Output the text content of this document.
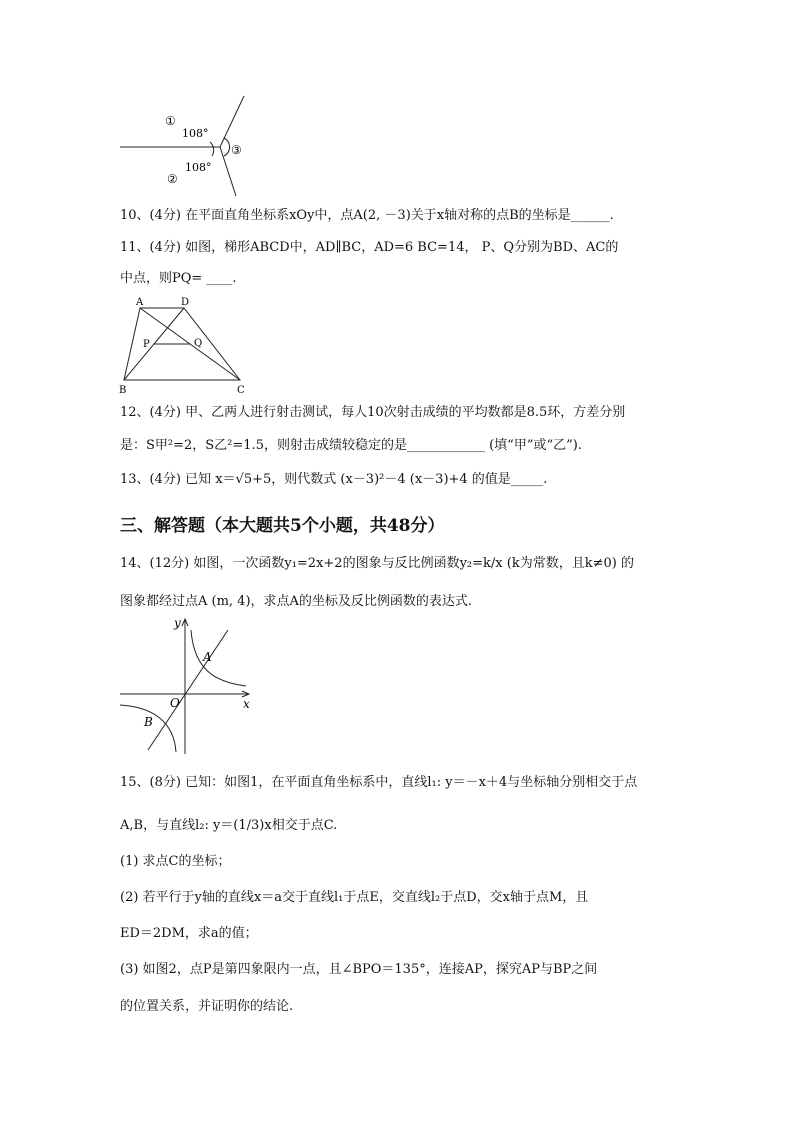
①
108°
108°
②
③
10、(4分) 在平面直角坐标系xOy中，点A(2, －3)关于x轴对称的点B的坐标是______.
11、(4分) 如图，梯形ABCD中，AD∥BC，AD=6 BC=14， P、Q分别为BD、AC的
中点，则PQ= ____.
A	D
B	C
P	Q
12、(4分) 甲、乙两人进行射击测试，每人10次射击成绩的平均数都是8.5环，方差分别
是：S甲²=2，S乙²=1.5，则射击成绩较稳定的是____________ (填“甲”或“乙”).
13、(4分) 已知 x＝√5+5，则代数式 (x－3)²－4 (x－3)+4 的值是_____.
三、解答题（本大题共5个小题，共48分）
14、(12分) 如图，一次函数y₁=2x+2的图象与反比例函数y₂=k/x (k为常数，且k≠0) 的
图象都经过点A (m, 4)，求点A的坐标及反比例函数的表达式.
y
x
O
A
B
15、(8分) 已知：如图1，在平面直角坐标系中，直线l₁: y＝－x＋4与坐标轴分别相交于点
A,B，与直线l₂: y＝(1/3)x相交于点C.
(1) 求点C的坐标；
(2) 若平行于y轴的直线x＝a交于直线l₁于点E，交直线l₂于点D，交x轴于点M，且
ED＝2DM，求a的值；
(3) 如图2，点P是第四象限内一点，且∠BPO＝135°，连接AP，探究AP与BP之间
的位置关系，并证明你的结论.
